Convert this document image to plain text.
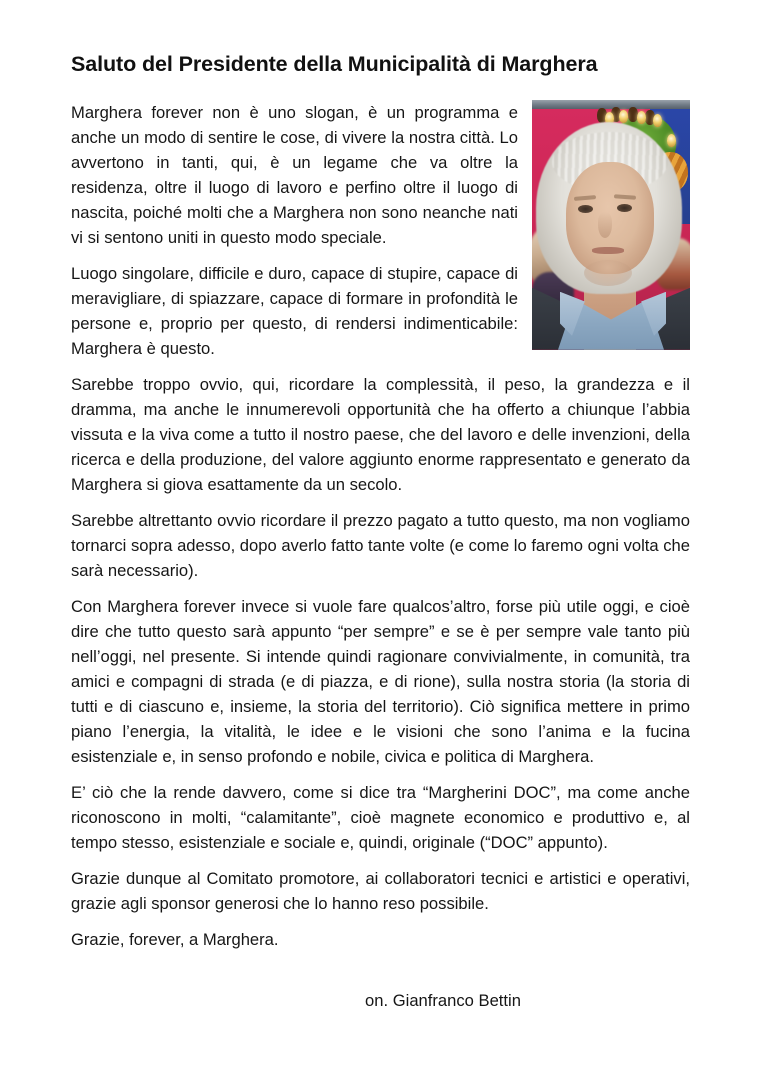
Saluto del Presidente della Municipalità di Marghera

Marghera forever non è uno slogan, è un programma e anche un modo di sentire le cose, di vivere la nostra città. Lo avvertono in tanti, qui, è un legame che va oltre la residenza, oltre il luogo di lavoro e perfino oltre il luogo di nascita, poiché molti che a Marghera non sono neanche nati vi si sentono uniti in questo modo speciale.

Luogo singolare, difficile e duro, capace di stupire, capace di meravigliare, di spiazzare, capace di formare in profondità le persone e, proprio per questo, di rendersi indimenticabile: Marghera è questo.

Sarebbe troppo ovvio, qui, ricordare la complessità, il peso, la grandezza e il dramma, ma anche le innumerevoli opportunità che ha offerto a chiunque l’abbia vissuta e la viva come a tutto il nostro paese, che del lavoro e delle invenzioni, della ricerca e della produzione, del valore aggiunto enorme rappresentato e generato da Marghera si giova esattamente da un secolo.

Sarebbe altrettanto ovvio ricordare il prezzo pagato a tutto questo, ma non vogliamo tornarci sopra adesso, dopo averlo fatto tante volte (e come lo faremo ogni volta che sarà necessario).

Con Marghera forever invece si vuole fare qualcos’altro, forse più utile oggi, e cioè dire che tutto questo sarà appunto “per sempre” e se è per sempre vale tanto più nell’oggi, nel presente. Si intende quindi ragionare convivialmente, in comunità, tra amici e compagni di strada (e di piazza, e di rione), sulla nostra storia (la storia di tutti e di ciascuno e, insieme, la storia del territorio). Ciò significa mettere in primo piano l’energia, la vitalità, le idee e le visioni che sono l’anima e la fucina esistenziale e, in senso profondo e nobile, civica e politica di Marghera.

E’ ciò che la rende davvero, come si dice tra “Margherini DOC”, ma come anche riconoscono in molti, “calamitante”, cioè magnete economico e produttivo e, al tempo stesso, esistenziale e sociale e, quindi, originale (“DOC” appunto).

Grazie dunque al Comitato promotore, ai collaboratori tecnici e artistici e operativi, grazie agli sponsor generosi che lo hanno reso possibile.

Grazie, forever, a Marghera.

on. Gianfranco Bettin
